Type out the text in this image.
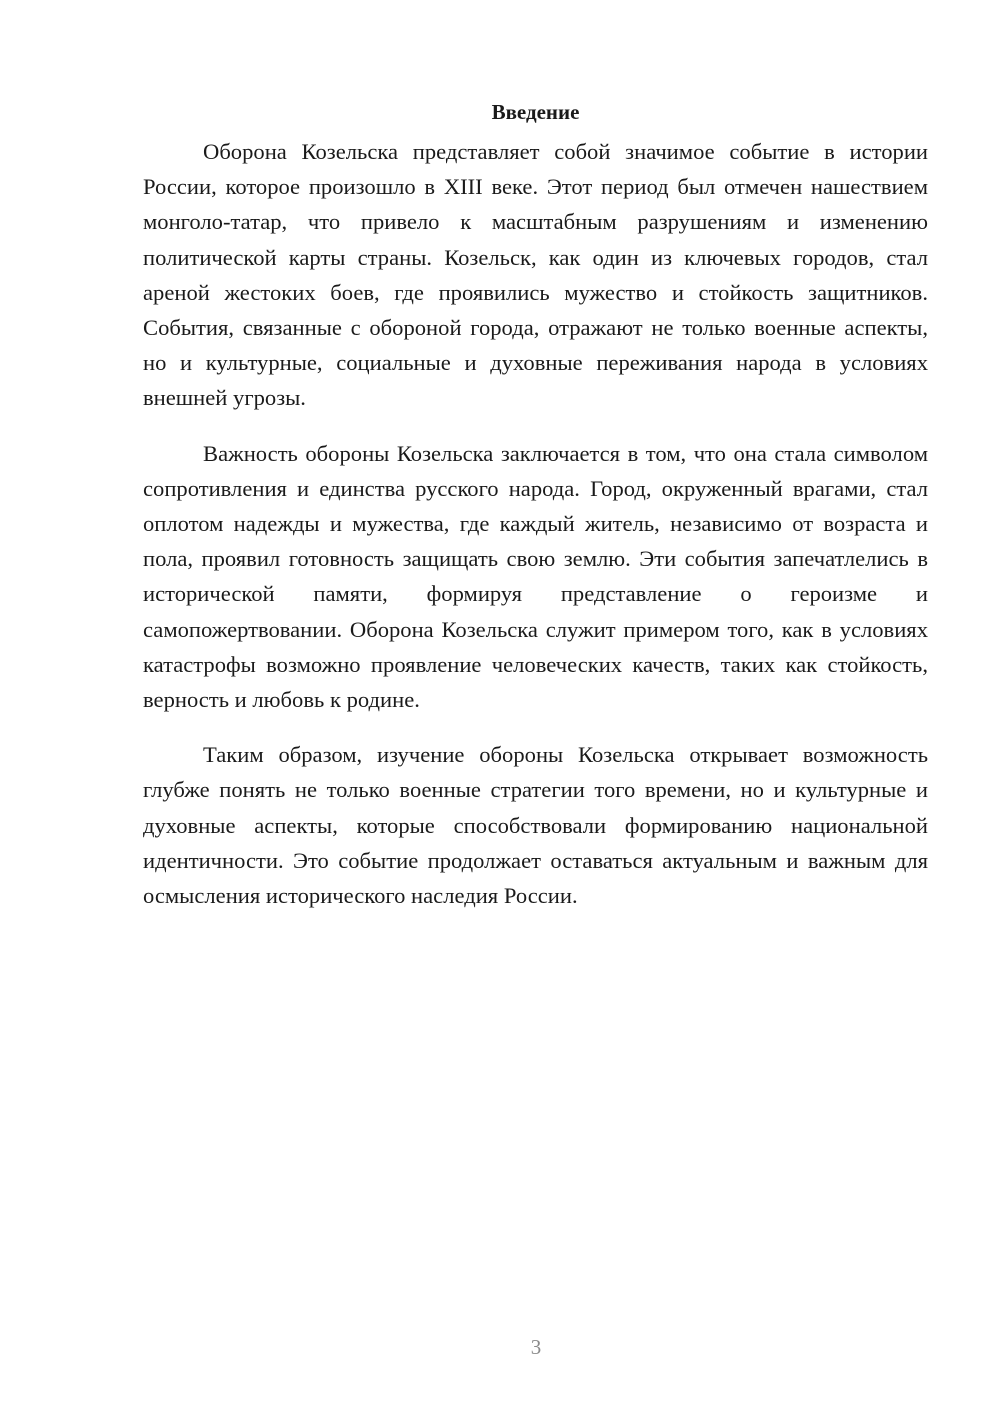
Введение

Оборона Козельска представляет собой значимое событие в истории России, которое произошло в XIII веке. Этот период был отмечен нашествием монголо-татар, что привело к масштабным разрушениям и изменению политической карты страны. Козельск, как один из ключевых городов, стал ареной жестоких боев, где проявились мужество и стойкость защитников. События, связанные с обороной города, отражают не только военные аспекты, но и культурные, социальные и духовные переживания народа в условиях внешней угрозы.

Важность обороны Козельска заключается в том, что она стала символом сопротивления и единства русского народа. Город, окруженный врагами, стал оплотом надежды и мужества, где каждый житель, независимо от возраста и пола, проявил готовность защищать свою землю. Эти события запечатлелись в исторической памяти, формируя представление о героизме и самопожертвовании. Оборона Козельска служит примером того, как в условиях катастрофы возможно проявление человеческих качеств, таких как стойкость, верность и любовь к родине.

Таким образом, изучение обороны Козельска открывает возможность глубже понять не только военные стратегии того времени, но и культурные и духовные аспекты, которые способствовали формированию национальной идентичности. Это событие продолжает оставаться актуальным и важным для осмысления исторического наследия России.

3
